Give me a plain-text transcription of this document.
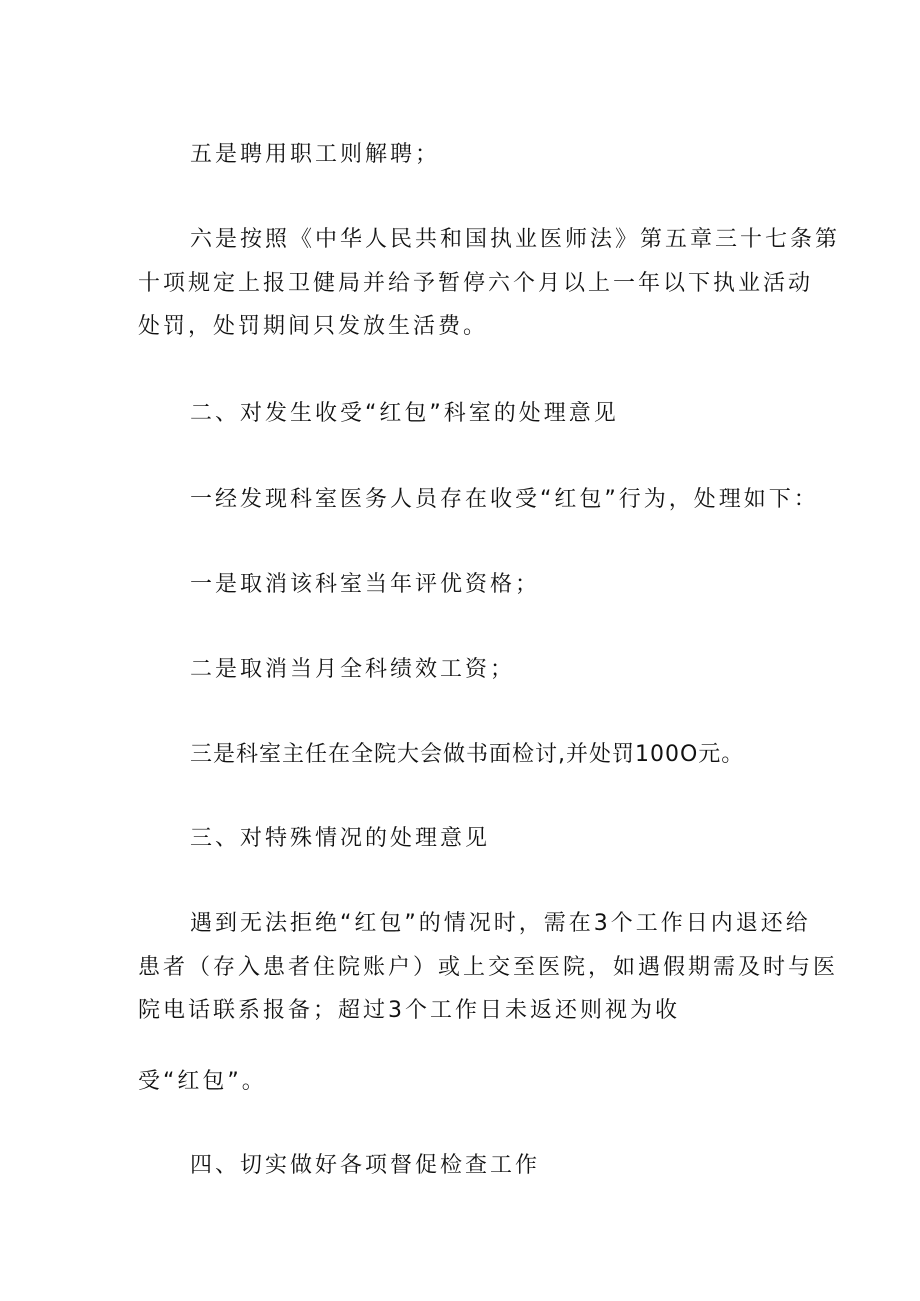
五是聘用职工则解聘；

六是按照《中华人民共和国执业医师法》第五章三十七条第

十项规定上报卫健局并给予暂停六个月以上一年以下执业活动

处罚，处罚期间只发放生活费。

二、对发生收受“红包”科室的处理意见

一经发现科室医务人员存在收受“红包”行为，处理如下：

一是取消该科室当年评优资格；

二是取消当月全科绩效工资；

三是科室主任在全院大会做书面检讨,并处罚100O元。

三、对特殊情况的处理意见

遇到无法拒绝“红包”的情况时，需在3个工作日内退还给

患者（存入患者住院账户）或上交至医院，如遇假期需及时与医

院电话联系报备；超过3个工作日未返还则视为收

受“红包”。

四、切实做好各项督促检查工作
